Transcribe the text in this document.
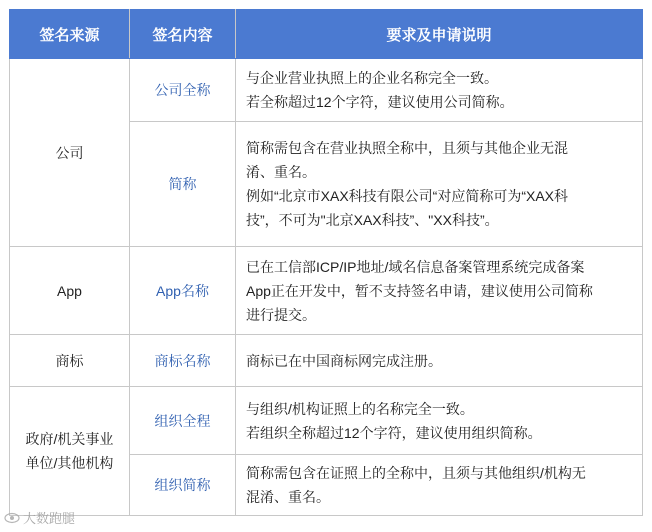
签名来源	签名内容	要求及申请说明
公司	公司全称	与企业营业执照上的企业名称完全一致。
若全称超过12个字符，建议使用公司简称。

	简称	简称需包含在营业执照全称中，且须与其他企业无混
淆、重名。
例如“北京市XAX科技有限公司“对应简称可为“XAX科
技”，不可为"北京XAX科技”、"XX科技”。

App	App名称	已在工信部ICP/IP地址/域名信息备案管理系统完成备案
App正在开发中，暂不支持签名申请，建议使用公司简称
进行提交。

商标	商标名称	商标已在中国商标网完成注册。

政府/机关事业
单位/其他机构	组织全程	与组织/机构证照上的名称完全一致。
若组织全称超过12个字符，建议使用组织简称。

	组织简称	简称需包含在证照上的全称中，且须与其他组织/机构无
混淆、重名。
大数跑腿
